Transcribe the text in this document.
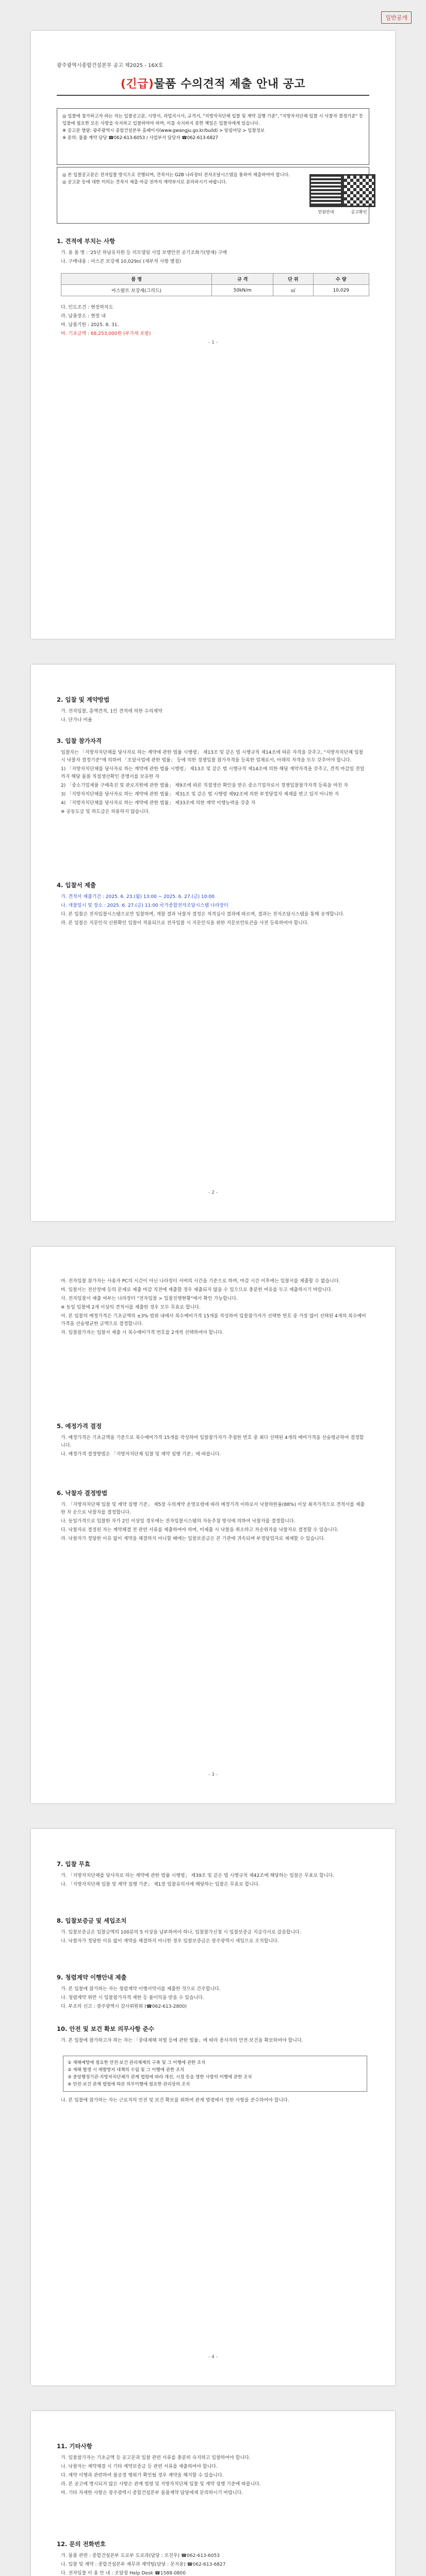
일반공개
광주광역시종합건설본부 공고 제2025 - 16X호
(긴급)물품 수의견적 제출 안내 공고

◎ 입찰에 참가하고자 하는 자는 입찰공고문, 시방서, 과업지시서, 규격서, "지방자치단체 입찰 및 계약 집행 기준", "지방자치단체 입찰 시 낙찰자 결정기준" 등 입찰에 필요한 모든 사항을 숙지하고 입찰하여야 하며, 이를 숙지하지 못한 책임은 입찰자에게 있습니다.

※ 공고문 열람: 광주광역시 종합건설본부 홈페이지(www.gwangju.go.kr/build) > 알림마당 > 입찰정보

※ 문의: 물품 계약 담당 ☎062-613-6053 / 사업부서 담당자 ☎062-613-6827

◎ 본 입찰공고문은 전자입찰 방식으로 진행되며, 견적서는 G2B 나라장터 전자조달시스템을 통하여 제출하여야 합니다.

◎ 공고문 등에 대한 이의는 견적서 제출 마감 전까지 계약부서로 문의하시기 바랍니다.

민원안내	공고확인
1. 견적에 부치는 사항

가. 용 품 명 : '25년 하남유치원 등 리모델링 사업 보행안전 공기조화기(방재) 구매

나. 구매내용 : 아스콘 보강재 10,029㎡ (세부적 사항 별첨)

품 명	규 격	단 위	수 량
아스팔트 보강재(그리드)	50kN/m	㎡	10,029

다. 인도조건 : 현장하차도

라. 납품장소 : 현장 내

마. 납품기한 : 2025. 8. 31.

바. 기초금액 : 68,253,000원 (부가세 포함)

- 1 -
2. 입찰 및 계약방법

가. 전자입찰, 총액견적, 1인 견적에 의한 수의계약

나. 단가나 비율

3. 입찰 참가자격

입찰자는 「지방자치단체를 당사자로 하는 계약에 관한 법률 시행령」 제13조 및 같은 법 시행규칙 제14조에 따른 자격을 갖추고, "지방자치단체 입찰 시 낙찰자 결정기준"에 의하여 「조달사업에 관한 법률」 등에 의한 경쟁입찰 참가자격을 등록한 업체로서, 아래의 자격을 모두 갖추어야 합니다.

1) 「지방자치단체를 당사자로 하는 계약에 관한 법률 시행령」 제13조 및 같은 법 시행규칙 제14조에 의한 해당 계약자격을 갖추고, 견적 마감일 전일까지 해당 물품 직접생산확인 증명서를 보유한 자

2) 「중소기업제품 구매촉진 및 판로지원에 관한 법률」 제9조에 따른 직접생산 확인을 받은 중소기업자로서 경쟁입찰참가자격 등록을 마친 자

3) 「지방자치단체를 당사자로 하는 계약에 관한 법률」 제31조 및 같은 법 시행령 제92조에 의한 부정당업자 제재를 받고 있지 아니한 자

4) 「지방자치단체를 당사자로 하는 계약에 관한 법률」 제33조에 의한 계약 이행능력을 갖춘 자

※ 공동도급 및 하도급은 허용하지 않습니다.

4. 입찰서 제출

가. 견적서 제출기간 : 2025. 6. 23.(월) 13:00 ~ 2025. 6. 27.(금) 10:00

나. 개찰일시 및 장소 : 2025. 6. 27.(금) 11:00 국가종합전자조달시스템 나라장터

다. 본 입찰은 전자입찰시스템으로만 입찰하며, 개찰 결과 낙찰자 결정은 적격심사 결과에 따르며, 결과는 전자조달시스템을 통해 공개합니다.

라. 본 입찰은 지문인식 신원확인 입찰이 적용되므로 전자입찰 시 지문인식을 위한 지문보안토큰을 사전 등록하여야 합니다.

- 2 -

마. 전자입찰 참가자는 사용자 PC의 시간이 아닌 나라장터 서버의 시간을 기준으로 하며, 마감 시간 이후에는 입찰서를 제출할 수 없습니다.

바. 입찰서는 전산장애 등의 문제로 제출 마감 직전에 제출할 경우 제출되지 않을 수 있으므로 충분한 여유를 두고 제출하시기 바랍니다.

사. 전자입찰서 제출 여부는 나라장터 "전자입찰 > 입찰진행현황"에서 확인 가능합니다.

※ 동일 입찰에 2개 이상의 견적서를 제출한 경우 모두 무효로 합니다.

아. 본 입찰의 예정가격은 기초금액의 ±3% 범위 내에서 복수예비가격 15개를 작성하여 입찰참가자가 선택한 번호 중 가장 많이 선택된 4개의 복수예비가격을 산술평균한 금액으로 결정합니다.

자. 입찰참가자는 입찰서 제출 시 복수예비가격 번호를 2개씩 선택하여야 합니다.

5. 예정가격 결정

가. 예정가격은 기초금액을 기준으로 복수예비가격 15개를 작성하여 입찰참가자가 추첨한 번호 중 최다 선택된 4개의 예비가격을 산술평균하여 결정합니다.

나. 예정가격 결정방법은 「지방자치단체 입찰 및 계약 집행 기준」에 따릅니다.

6. 낙찰자 결정방법

가. 「지방자치단체 입찰 및 계약 집행 기준」 제5장 수의계약 운영요령에 따라 예정가격 이하로서 낙찰하한율(88%) 이상 최저가격으로 견적서를 제출한 자 순으로 낙찰자를 결정합니다.

나. 동일가격으로 입찰한 자가 2인 이상일 경우에는 전자입찰시스템의 자동추첨 방식에 의하여 낙찰자를 결정합니다.

다. 낙찰자로 결정된 자는 계약체결 전 관련 서류를 제출하여야 하며, 미제출 시 낙찰을 취소하고 차순위자를 낙찰자로 결정할 수 있습니다.

라. 낙찰자가 정당한 이유 없이 계약을 체결하지 아니할 때에는 입찰보증금은 본 기관에 귀속되며 부정당업자로 제재할 수 있습니다.

- 3 -
7. 입찰 무효

가. 「지방자치단체를 당사자로 하는 계약에 관한 법률 시행령」 제39조 및 같은 법 시행규칙 제42조에 해당하는 입찰은 무효로 합니다.

나. 「지방자치단체 입찰 및 계약 집행 기준」 제1장 입찰유의서에 해당하는 입찰은 무효로 합니다.

8. 입찰보증금 및 세입조치

가. 입찰보증금은 입찰금액의 100분의 5 이상을 납부하여야 하나, 입찰참가신청 시 입찰보증금 지급각서로 갈음합니다.

나. 낙찰자가 정당한 이유 없이 계약을 체결하지 아니한 경우 입찰보증금은 광주광역시 세입으로 조치합니다.

9. 청렴계약 이행안내 제출

가. 본 입찰에 참가하는 자는 청렴계약 이행서약서를 제출한 것으로 간주합니다.

나. 청렴계약 위반 시 입찰참가자격 제한 등 불이익을 받을 수 있습니다.

다. 부조리 신고 : 광주광역시 감사위원회 (☎062-613-2800)

10. 안전 및 보건 확보 의무사항 준수

가. 본 입찰에 참가하고자 하는 자는 「중대재해 처벌 등에 관한 법률」에 따라 종사자의 안전·보건을 확보하여야 합니다.

① 재해예방에 필요한 안전·보건 관리체계의 구축 및 그 이행에 관한 조치

② 재해 발생 시 재발방지 대책의 수립 및 그 이행에 관한 조치

③ 중앙행정기관·지방자치단체가 관계 법령에 따라 개선, 시정 등을 명한 사항의 이행에 관한 조치

④ 안전·보건 관계 법령에 따른 의무이행에 필요한 관리상의 조치

나. 본 입찰에 참가하는 자는 근로자의 안전 및 보건 확보를 위하여 관계 법령에서 정한 사항을 준수하여야 합니다.

- 4 -
11. 기타사항

가. 입찰참가자는 기초금액 등 공고문과 입찰 관련 서류를 충분히 숙지하고 입찰하여야 합니다.

나. 낙찰자는 계약체결 시 기타 계약보증금 등 관련 서류를 제출하여야 합니다.

다. 계약 이행과 관련하여 불공정 행위가 확인될 경우 계약을 해지할 수 있습니다.

라. 본 공고에 명시되지 않은 사항은 관계 법령 및 지방자치단체 입찰 및 계약 집행 기준에 따릅니다.

마. 기타 자세한 사항은 광주광역시 종합건설본부 물품계약 담당에게 문의하시기 바랍니다.

12. 문의 전화번호

가. 물품 관련 : 종합건설본부 도로부 도로과(담당 : 오진우) ☎062-613-6053

나. 입찰 및 계약 : 종합건설본부 재무과 계약팀(담당 : 문지윤) ☎062-613-6827

다. 전자입찰 이 용 안 내 : 조달청 Help Desk ☎1588-0800
